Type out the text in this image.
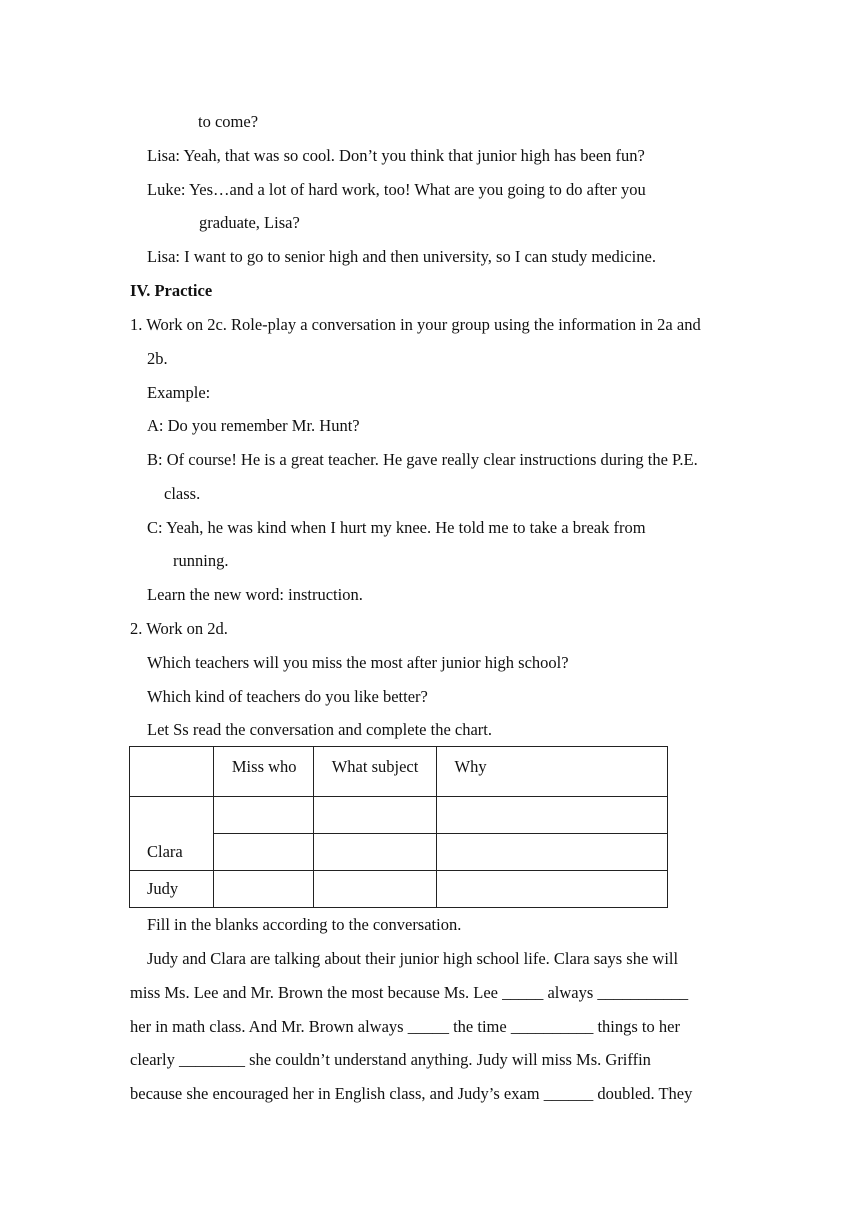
to come?
Lisa: Yeah, that was so cool. Don’t you think that junior high has been fun?
Luke: Yes…and a lot of hard work, too! What are you going to do after you
graduate, Lisa?
Lisa: I want to go to senior high and then university, so I can study medicine.
IV. Practice
1. Work on 2c. Role-play a conversation in your group using the information in 2a and
2b.
Example:
A: Do you remember Mr. Hunt?
B: Of course! He is a great teacher. He gave really clear instructions during the P.E.
class.
C: Yeah, he was kind when I hurt my knee. He told me to take a break from
running.
Learn the new word: instruction.
2. Work on 2d.
Which teachers will you miss the most after junior high school?
Which kind of teachers do you like better?
Let Ss read the conversation and complete the chart.
	Miss who	What subject	Why
Clara			

Judy			
Fill in the blanks according to the conversation.
Judy and Clara are talking about their junior high school life. Clara says she will
miss Ms. Lee and Mr. Brown the most because Ms. Lee _____ always ___________
her in math class. And Mr. Brown always _____ the time __________ things to her
clearly ________ she couldn’t understand anything. Judy will miss Ms. Griffin
because she encouraged her in English class, and Judy’s exam ______ doubled. They
